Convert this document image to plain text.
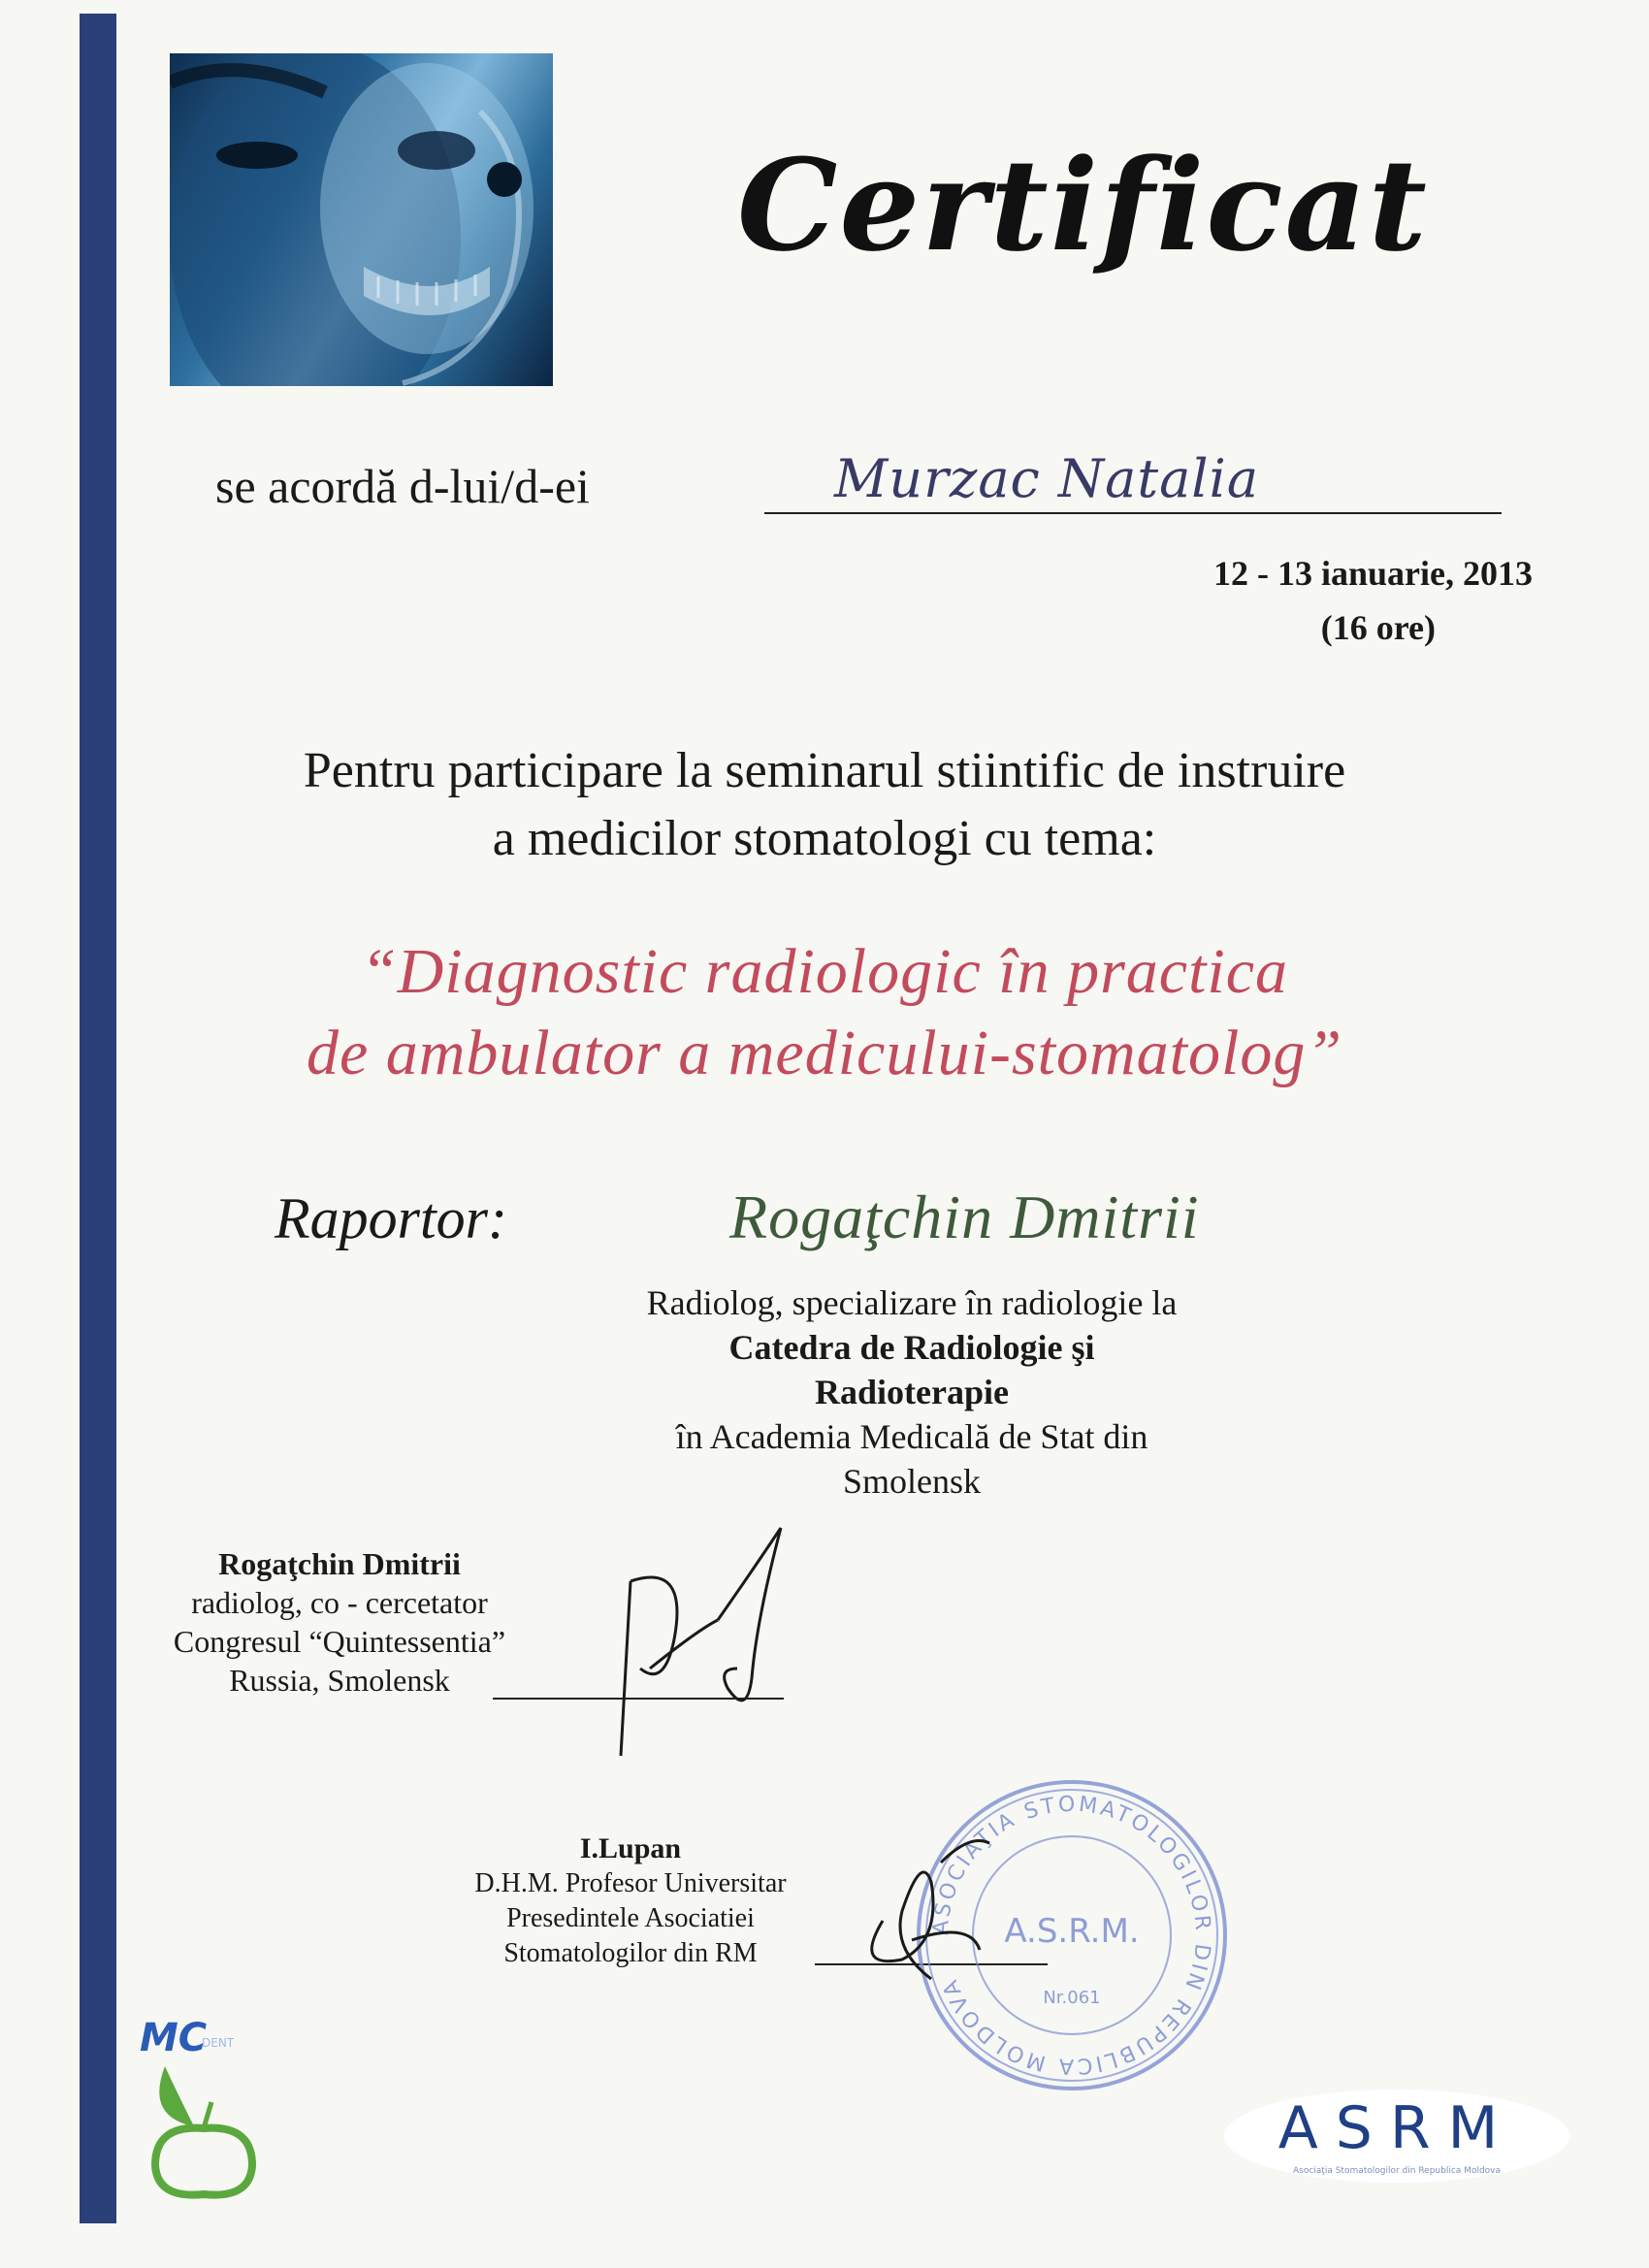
Certificat
se acordă d-lui/d-ei	Murzac Natalia
12 - 13 ianuarie, 2013
(16 ore)
Pentru participare la seminarul stiintific de instruire
a medicilor stomatologi cu tema:
“Diagnostic radiologic în practica
de ambulator a medicului-stomatolog”
Raportor:	Rogaţchin Dmitrii
Radiolog, specializare în radiologie la
Catedra de Radiologie şi Radioterapie
în Academia Medicală de Stat din Smolensk
Rogaţchin Dmitrii
radiolog, co - cercetator
Congresul “Quintessentia”
Russia, Smolensk
I.Lupan
D.H.M. Profesor Universitar
Presedintele Asociatiei
Stomatologilor din RM
ASOCIAŢIA STOMATOLOGILOR DIN REPUBLICA MOLDOVA
A.S.R.M.
Nr.061
MC
DENT
ASRM
Asociaţia Stomatologilor din Republica Moldova
